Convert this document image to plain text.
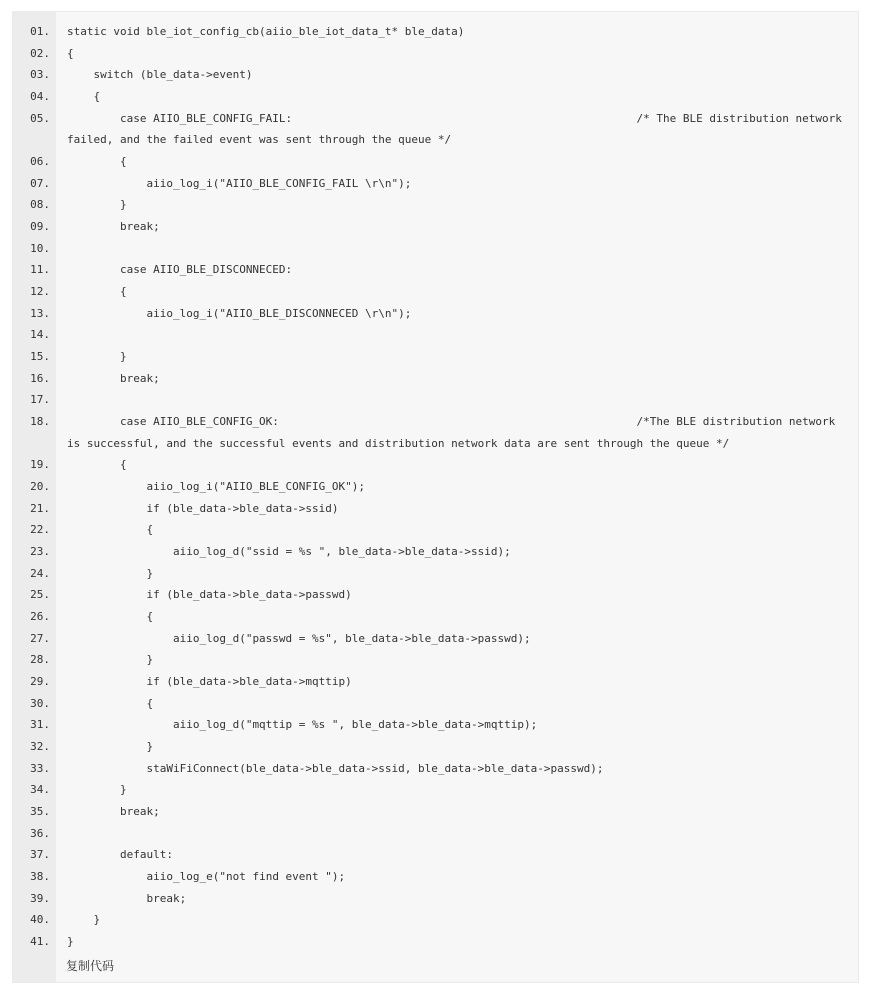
01. static void ble_iot_config_cb(aiio_ble_iot_data_t* ble_data)
02. {
03. switch (ble_data->event)
04. {
05. case AIIO_BLE_CONFIG_FAIL:                                                    /* The BLE distribution network failed, and the failed event was sent through the queue */
06. {
07. aiio_log_i("AIIO_BLE_CONFIG_FAIL \r\n");
08. }
09. break;
10.
11. case AIIO_BLE_DISCONNECED:
12. {
13. aiio_log_i("AIIO_BLE_DISCONNECED \r\n");
14.
15. }
16. break;
17.
18. case AIIO_BLE_CONFIG_OK:                                                      /*The BLE distribution network is successful, and the successful events and distribution network data are sent through the queue */
19. {
20. aiio_log_i("AIIO_BLE_CONFIG_OK");
21. if (ble_data->ble_data->ssid)
22. {
23. aiio_log_d("ssid = %s ", ble_data->ble_data->ssid);
24. }
25. if (ble_data->ble_data->passwd)
26. {
27. aiio_log_d("passwd = %s", ble_data->ble_data->passwd);
28. }
29. if (ble_data->ble_data->mqttip)
30. {
31. aiio_log_d("mqttip = %s ", ble_data->ble_data->mqttip);
32. }
33. staWiFiConnect(ble_data->ble_data->ssid, ble_data->ble_data->passwd);
34. }
35. break;
36.
37. default:
38. aiio_log_e("not find event ");
39. break;
40. }
41. }
复制代码
